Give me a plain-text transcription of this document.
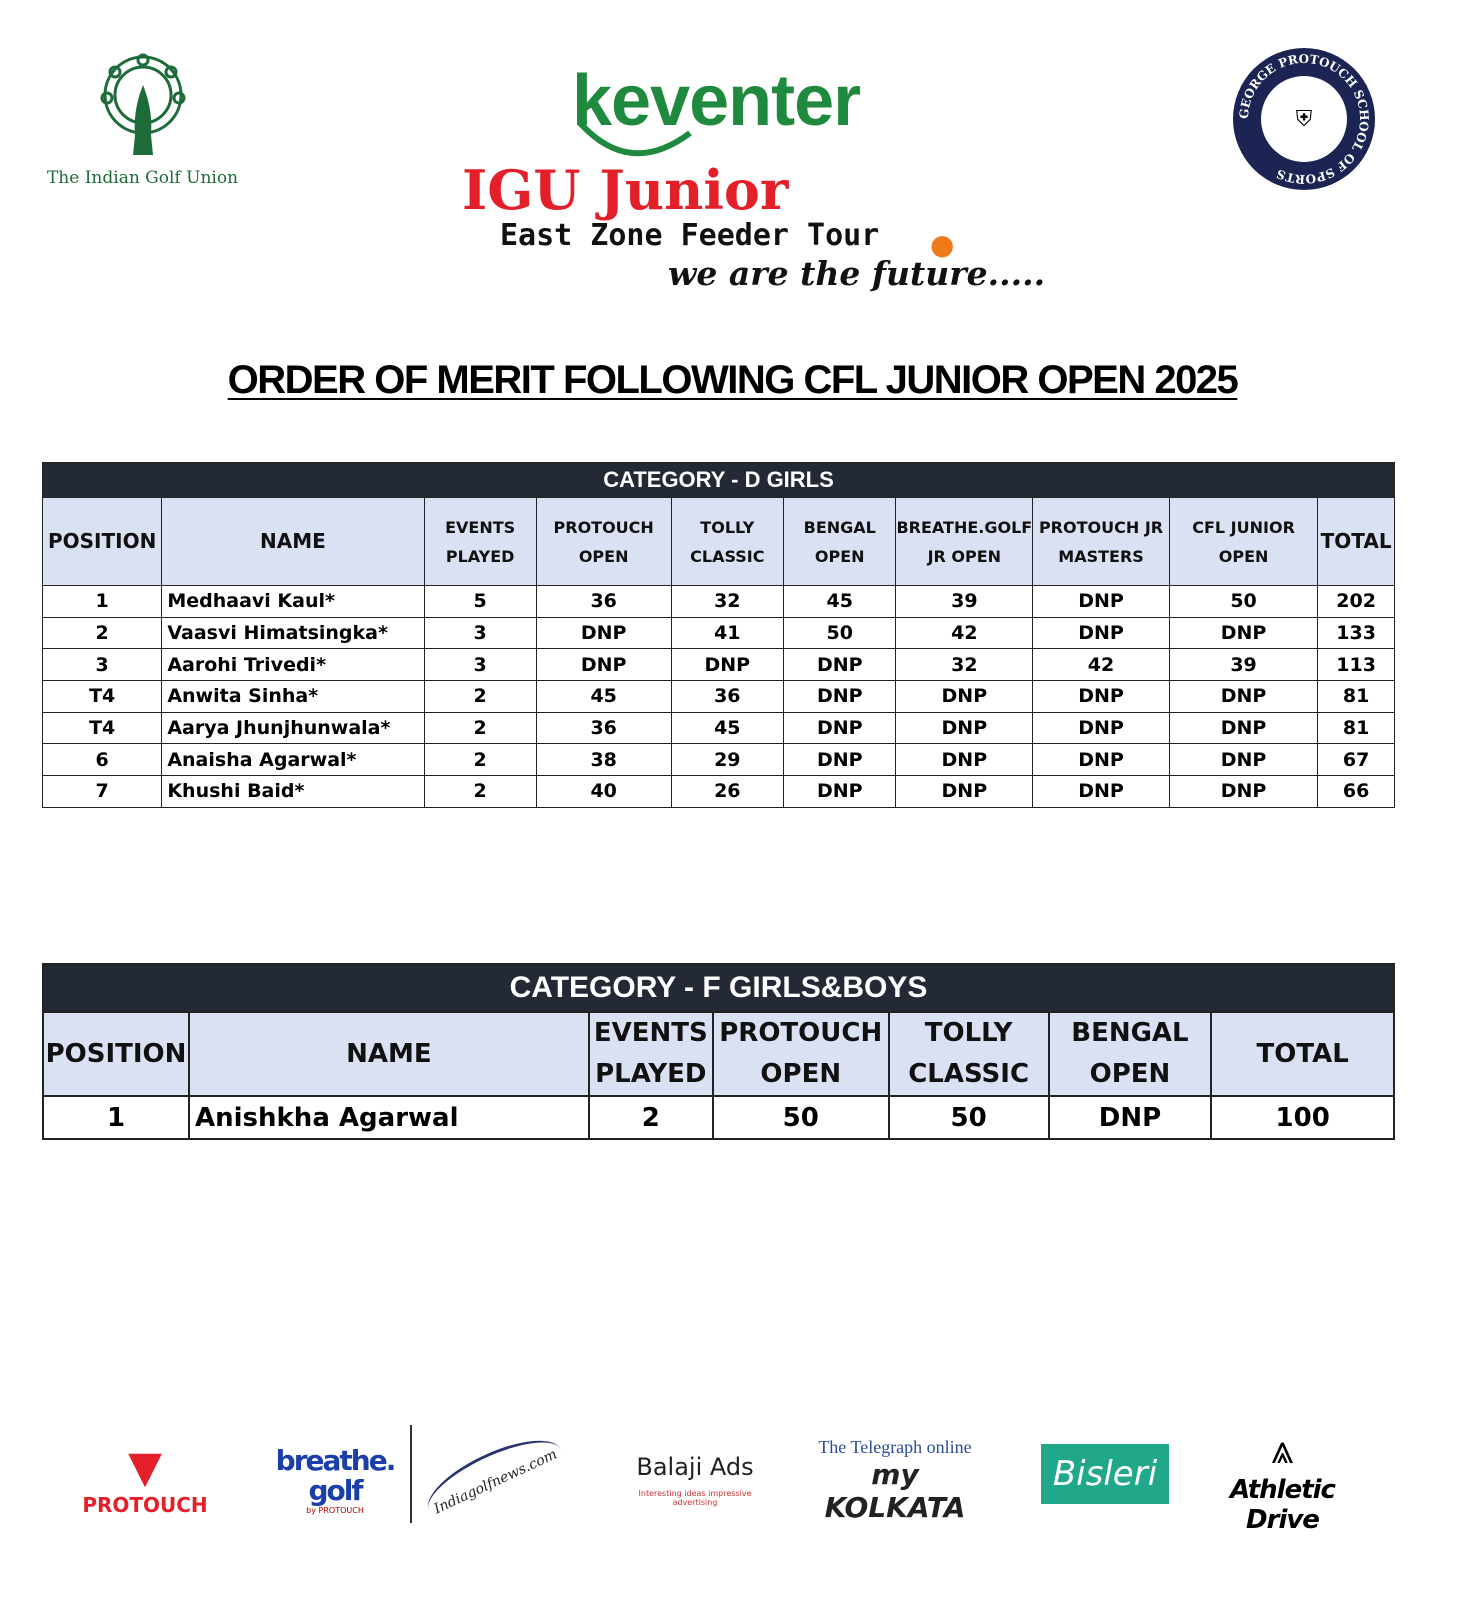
The Indian Golf Union
keventer
IGU Junior
East Zone Feeder Tour ●
we are the future.....
GEORGE PROTOUCH SCHOOL OF SPORTS
⛨
ORDER OF MERIT FOLLOWING CFL JUNIOR OPEN 2025
CATEGORY - D GIRLS									
POSITION	NAME	EVENTS PLAYED	PROTOUCH OPEN	TOLLY CLASSIC	BENGAL OPEN	BREATHE.GOLF JR OPEN	PROTOUCH JR MASTERS	CFL JUNIOR OPEN	TOTAL
1	Medhaavi Kaul*	5	36	32	45	39	DNP	50	202
2	Vaasvi Himatsingka*	3	DNP	41	50	42	DNP	DNP	133
3	Aarohi Trivedi*	3	DNP	DNP	DNP	32	42	39	113
T4	Anwita Sinha*	2	45	36	DNP	DNP	DNP	DNP	81
T4	Aarya Jhunjhunwala*	2	36	45	DNP	DNP	DNP	DNP	81
6	Anaisha Agarwal*	2	38	29	DNP	DNP	DNP	DNP	67
7	Khushi Baid*	2	40	26	DNP	DNP	DNP	DNP	66
CATEGORY - F GIRLS&BOYS						
POSITION	NAME	EVENTS PLAYED	PROTOUCH OPEN	TOLLY CLASSIC	BENGAL OPEN	TOTAL
1	Anishkha Agarwal	2	50	50	DNP	100
▼
PROTOUCH
breathe. golf
by PROTOUCH	Indiagolfnews.com	Balaji Ads
Interesting ideas impressive advertising
The Telegraph online
my KOLKATA
Bisleri
⩓
Athletic Drive
